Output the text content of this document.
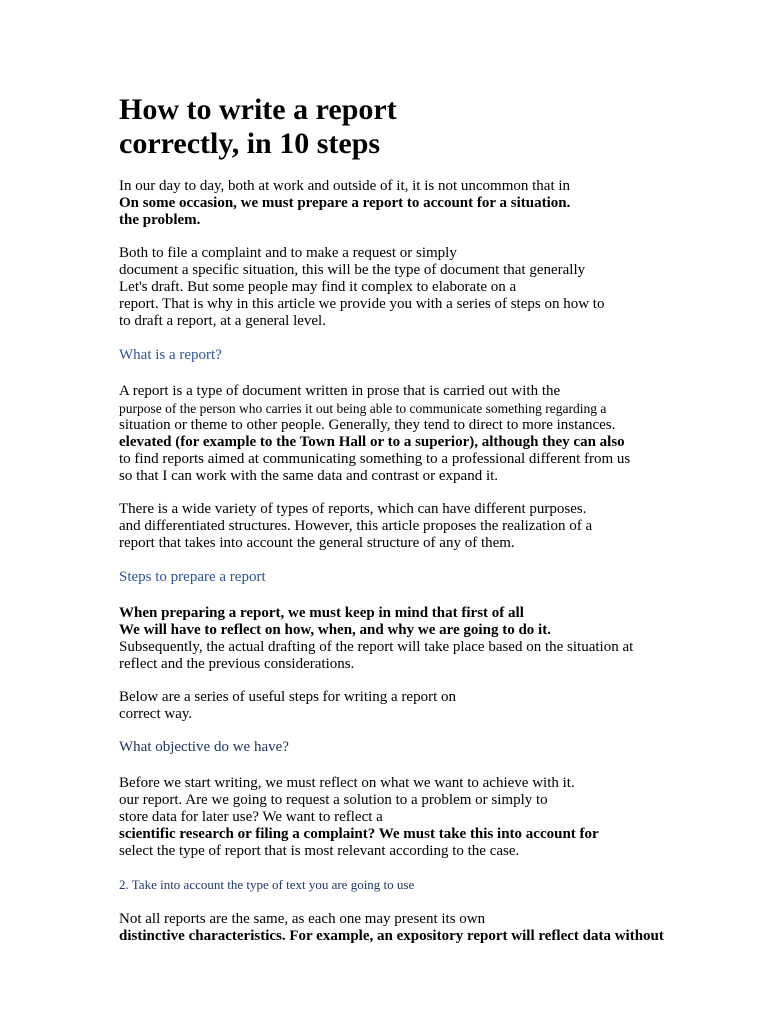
How to write a report
correctly, in 10 steps
In our day to day, both at work and outside of it, it is not uncommon that in
On some occasion, we must prepare a report to account for a situation.
the problem.
Both to file a complaint and to make a request or simply
document a specific situation, this will be the type of document that generally
Let's draft. But some people may find it complex to elaborate on a
report. That is why in this article we provide you with a series of steps on how to
to draft a report, at a general level.
What is a report?
A report is a type of document written in prose that is carried out with the
purpose of the person who carries it out being able to communicate something regarding a
situation or theme to other people. Generally, they tend to direct to more instances.
elevated (for example to the Town Hall or to a superior), although they can also
to find reports aimed at communicating something to a professional different from us
so that I can work with the same data and contrast or expand it.
There is a wide variety of types of reports, which can have different purposes.
and differentiated structures. However, this article proposes the realization of a
report that takes into account the general structure of any of them.
Steps to prepare a report
When preparing a report, we must keep in mind that first of all
We will have to reflect on how, when, and why we are going to do it.
Subsequently, the actual drafting of the report will take place based on the situation at
reflect and the previous considerations.
Below are a series of useful steps for writing a report on
correct way.
What objective do we have?
Before we start writing, we must reflect on what we want to achieve with it.
our report. Are we going to request a solution to a problem or simply to
store data for later use? We want to reflect a
scientific research or filing a complaint? We must take this into account for
select the type of report that is most relevant according to the case.
2. Take into account the type of text you are going to use
Not all reports are the same, as each one may present its own
distinctive characteristics. For example, an expository report will reflect data without
